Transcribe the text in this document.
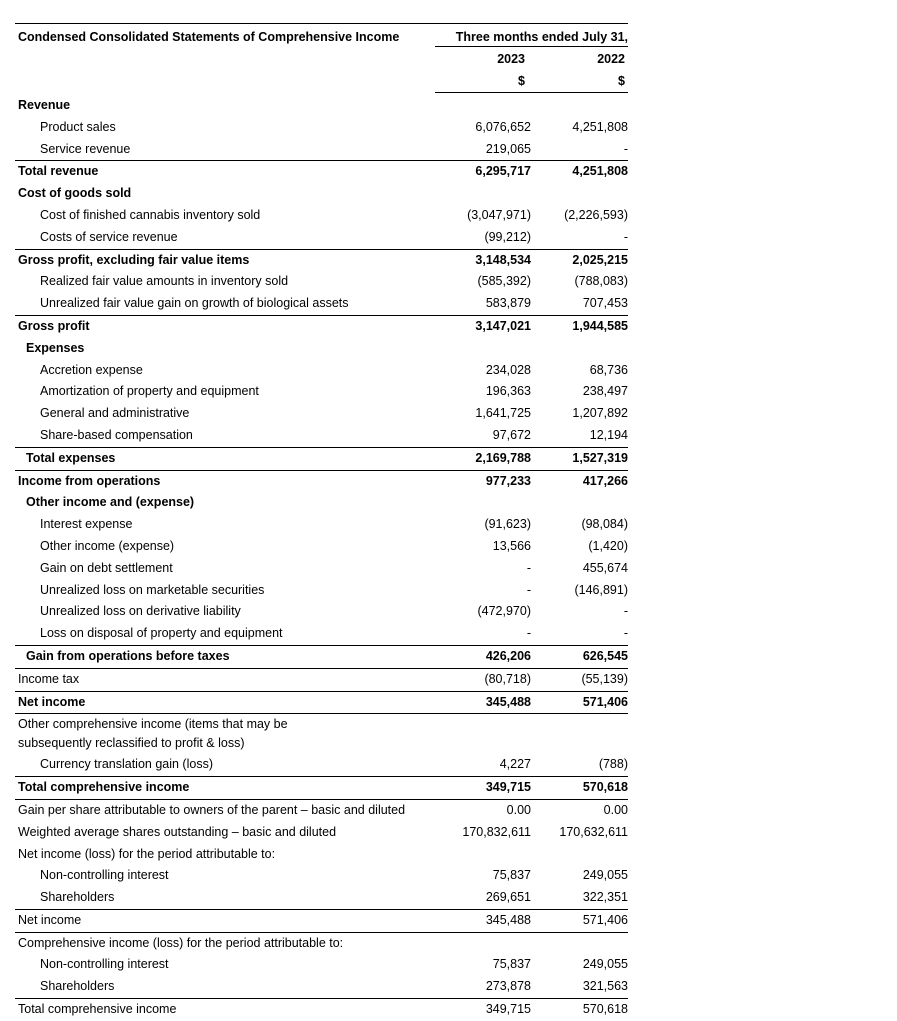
Condensed Consolidated Statements of Comprehensive Income	Three months ended July 31,
2023	2022
$	$
Revenue
Product sales	6,076,652	4,251,808
Service revenue	219,065	-
Total revenue	6,295,717	4,251,808
Cost of goods sold
Cost of finished cannabis inventory sold	(3,047,971)	(2,226,593)
Costs of service revenue	(99,212)	-
Gross profit, excluding fair value items	3,148,534	2,025,215
Realized fair value amounts in inventory sold	(585,392)	(788,083)
Unrealized fair value gain on growth of biological assets	583,879	707,453
Gross profit	3,147,021	1,944,585
Expenses
Accretion expense	234,028	68,736
Amortization of property and equipment	196,363	238,497
General and administrative	1,641,725	1,207,892
Share-based compensation	97,672	12,194
Total expenses	2,169,788	1,527,319
Income from operations	977,233	417,266
Other income and (expense)
Interest expense	(91,623)	(98,084)
Other income (expense)	13,566	(1,420)
Gain on debt settlement	-	455,674
Unrealized loss on marketable securities	-	(146,891)
Unrealized loss on derivative liability	(472,970)	-
Loss on disposal of property and equipment	-	-
Gain from operations before taxes	426,206	626,545
Income tax	(80,718)	(55,139)
Net income	345,488	571,406
Other comprehensive income (items that may be subsequently reclassified to profit & loss)
Currency translation gain (loss)	4,227	(788)
Total comprehensive income	349,715	570,618
Gain per share attributable to owners of the parent – basic and diluted	0.00	0.00
Weighted average shares outstanding – basic and diluted	170,832,611	170,632,611
Net income (loss) for the period attributable to:
Non-controlling interest	75,837	249,055
Shareholders	269,651	322,351
Net income	345,488	571,406
Comprehensive income (loss) for the period attributable to:
Non-controlling interest	75,837	249,055
Shareholders	273,878	321,563
Total comprehensive income	349,715	570,618
